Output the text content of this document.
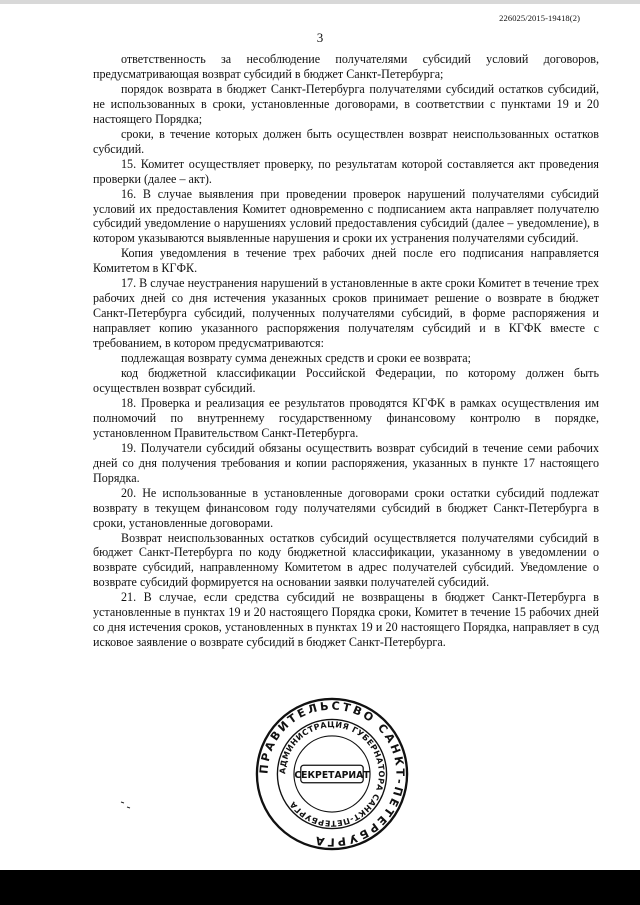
226025/2015-19418(2)
3

ответственность за несоблюдение получателями субсидий условий договоров, предусматривающая возврат субсидий в бюджет Санкт-Петербурга;

порядок возврата в бюджет Санкт-Петербурга получателями субсидий остатков субсидий, не использованных в сроки, установленные договорами, в соответствии с пунктами 19 и 20 настоящего Порядка;

сроки, в течение которых должен быть осуществлен возврат неиспользованных остатков субсидий.

15. Комитет осуществляет проверку, по результатам которой составляется акт проведения проверки (далее – акт).

16. В случае выявления при проведении проверок нарушений получателями субсидий условий их предоставления Комитет одновременно с подписанием акта направляет получателю субсидий уведомление о нарушениях условий предоставления субсидий (далее – уведомление), в котором указываются выявленные нарушения и сроки их устранения получателями субсидий.

Копия уведомления в течение трех рабочих дней после его подписания направляется Комитетом в КГФК.

17. В случае неустранения нарушений в установленные в акте сроки Комитет в течение трех рабочих дней со дня истечения указанных сроков принимает решение о возврате в бюджет Санкт-Петербурга субсидий, полученных получателями субсидий, в форме распоряжения и направляет копию указанного распоряжения получателям субсидий и в КГФК вместе с требованием, в котором предусматриваются:

подлежащая возврату сумма денежных средств и сроки ее возврата;

код бюджетной классификации Российской Федерации, по которому должен быть осуществлен возврат субсидий.

18. Проверка и реализация ее результатов проводятся КГФК в рамках осуществления им полномочий по внутреннему государственному финансовому контролю в порядке, установленном Правительством Санкт-Петербурга.

19. Получатели субсидий обязаны осуществить возврат субсидий в течение семи рабочих дней со дня получения требования и копии распоряжения, указанных в пункте 17 настоящего Порядка.

20. Не использованные в установленные договорами сроки остатки субсидий подлежат возврату в текущем финансовом году получателями субсидий в бюджет Санкт-Петербурга в сроки, установленные договорами.

Возврат неиспользованных остатков субсидий осуществляется получателями субсидий в бюджет Санкт-Петербурга по коду бюджетной классификации, указанному в уведомлении о возврате субсидий, направленному Комитетом в адрес получателей субсидий. Уведомление о возврате субсидий формируется на основании заявки получателей субсидий.

21. В случае, если средства субсидий не возвращены в бюджет Санкт-Петербурга в установленные в пунктах 19 и 20 настоящего Порядка сроки, Комитет в течение 15 рабочих дней со дня истечения сроков, установленных в пунктах 19 и 20 настоящего Порядка, направляет в суд исковое заявление о возврате субсидий в бюджет Санкт-Петербурга.

ПРАВИТЕЛЬСТВО САНКТ-ПЕТЕРБУРГА
АДМИНИСТРАЦИЯ ГУБЕРНАТОРА САНКТ-ПЕТЕРБУРГА
СЕКРЕТАРИАТ
